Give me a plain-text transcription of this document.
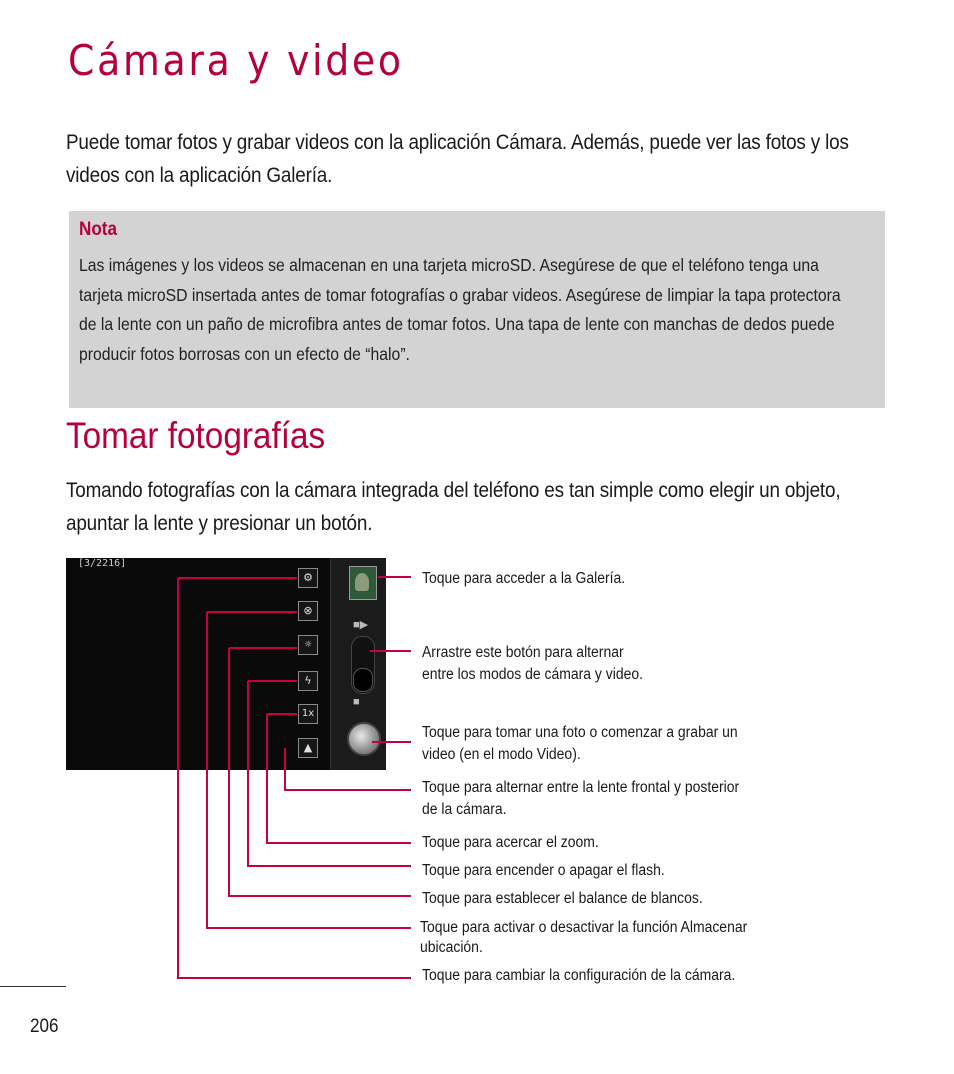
Cámara y video

Puede tomar fotos y grabar videos con la aplicación Cámara. Además, puede ver las fotos y los videos con la aplicación Galería.

Nota

Las imágenes y los videos se almacenan en una tarjeta microSD. Asegúrese de que el teléfono tenga una tarjeta microSD insertada antes de tomar fotografías o grabar videos. Asegúrese de limpiar la tapa protectora de la lente con un paño de microfibra antes de tomar fotos. Una tapa de lente con manchas de dedos puede producir fotos borrosas con un efecto de “halo”.

Tomar fotografías

Tomando fotografías con la cámara integrada del teléfono es tan simple como elegir un objeto, apuntar la lente y presionar un botón.

[3/2216]
⚙
⊗
☼
ϟ
1x
▲
■▶
■

Toque para acceder a la Galería.

Arrastre este botón para alternar
entre los modos de cámara y video.

Toque para tomar una foto o comenzar a grabar un
video (en el modo Video).

Toque para alternar entre la lente frontal y posterior
de la cámara.

Toque para acercar el zoom.

Toque para encender o apagar el flash.

Toque para establecer el balance de blancos.

Toque para activar o desactivar la función Almacenar
ubicación.

Toque para cambiar la configuración de la cámara.

206
